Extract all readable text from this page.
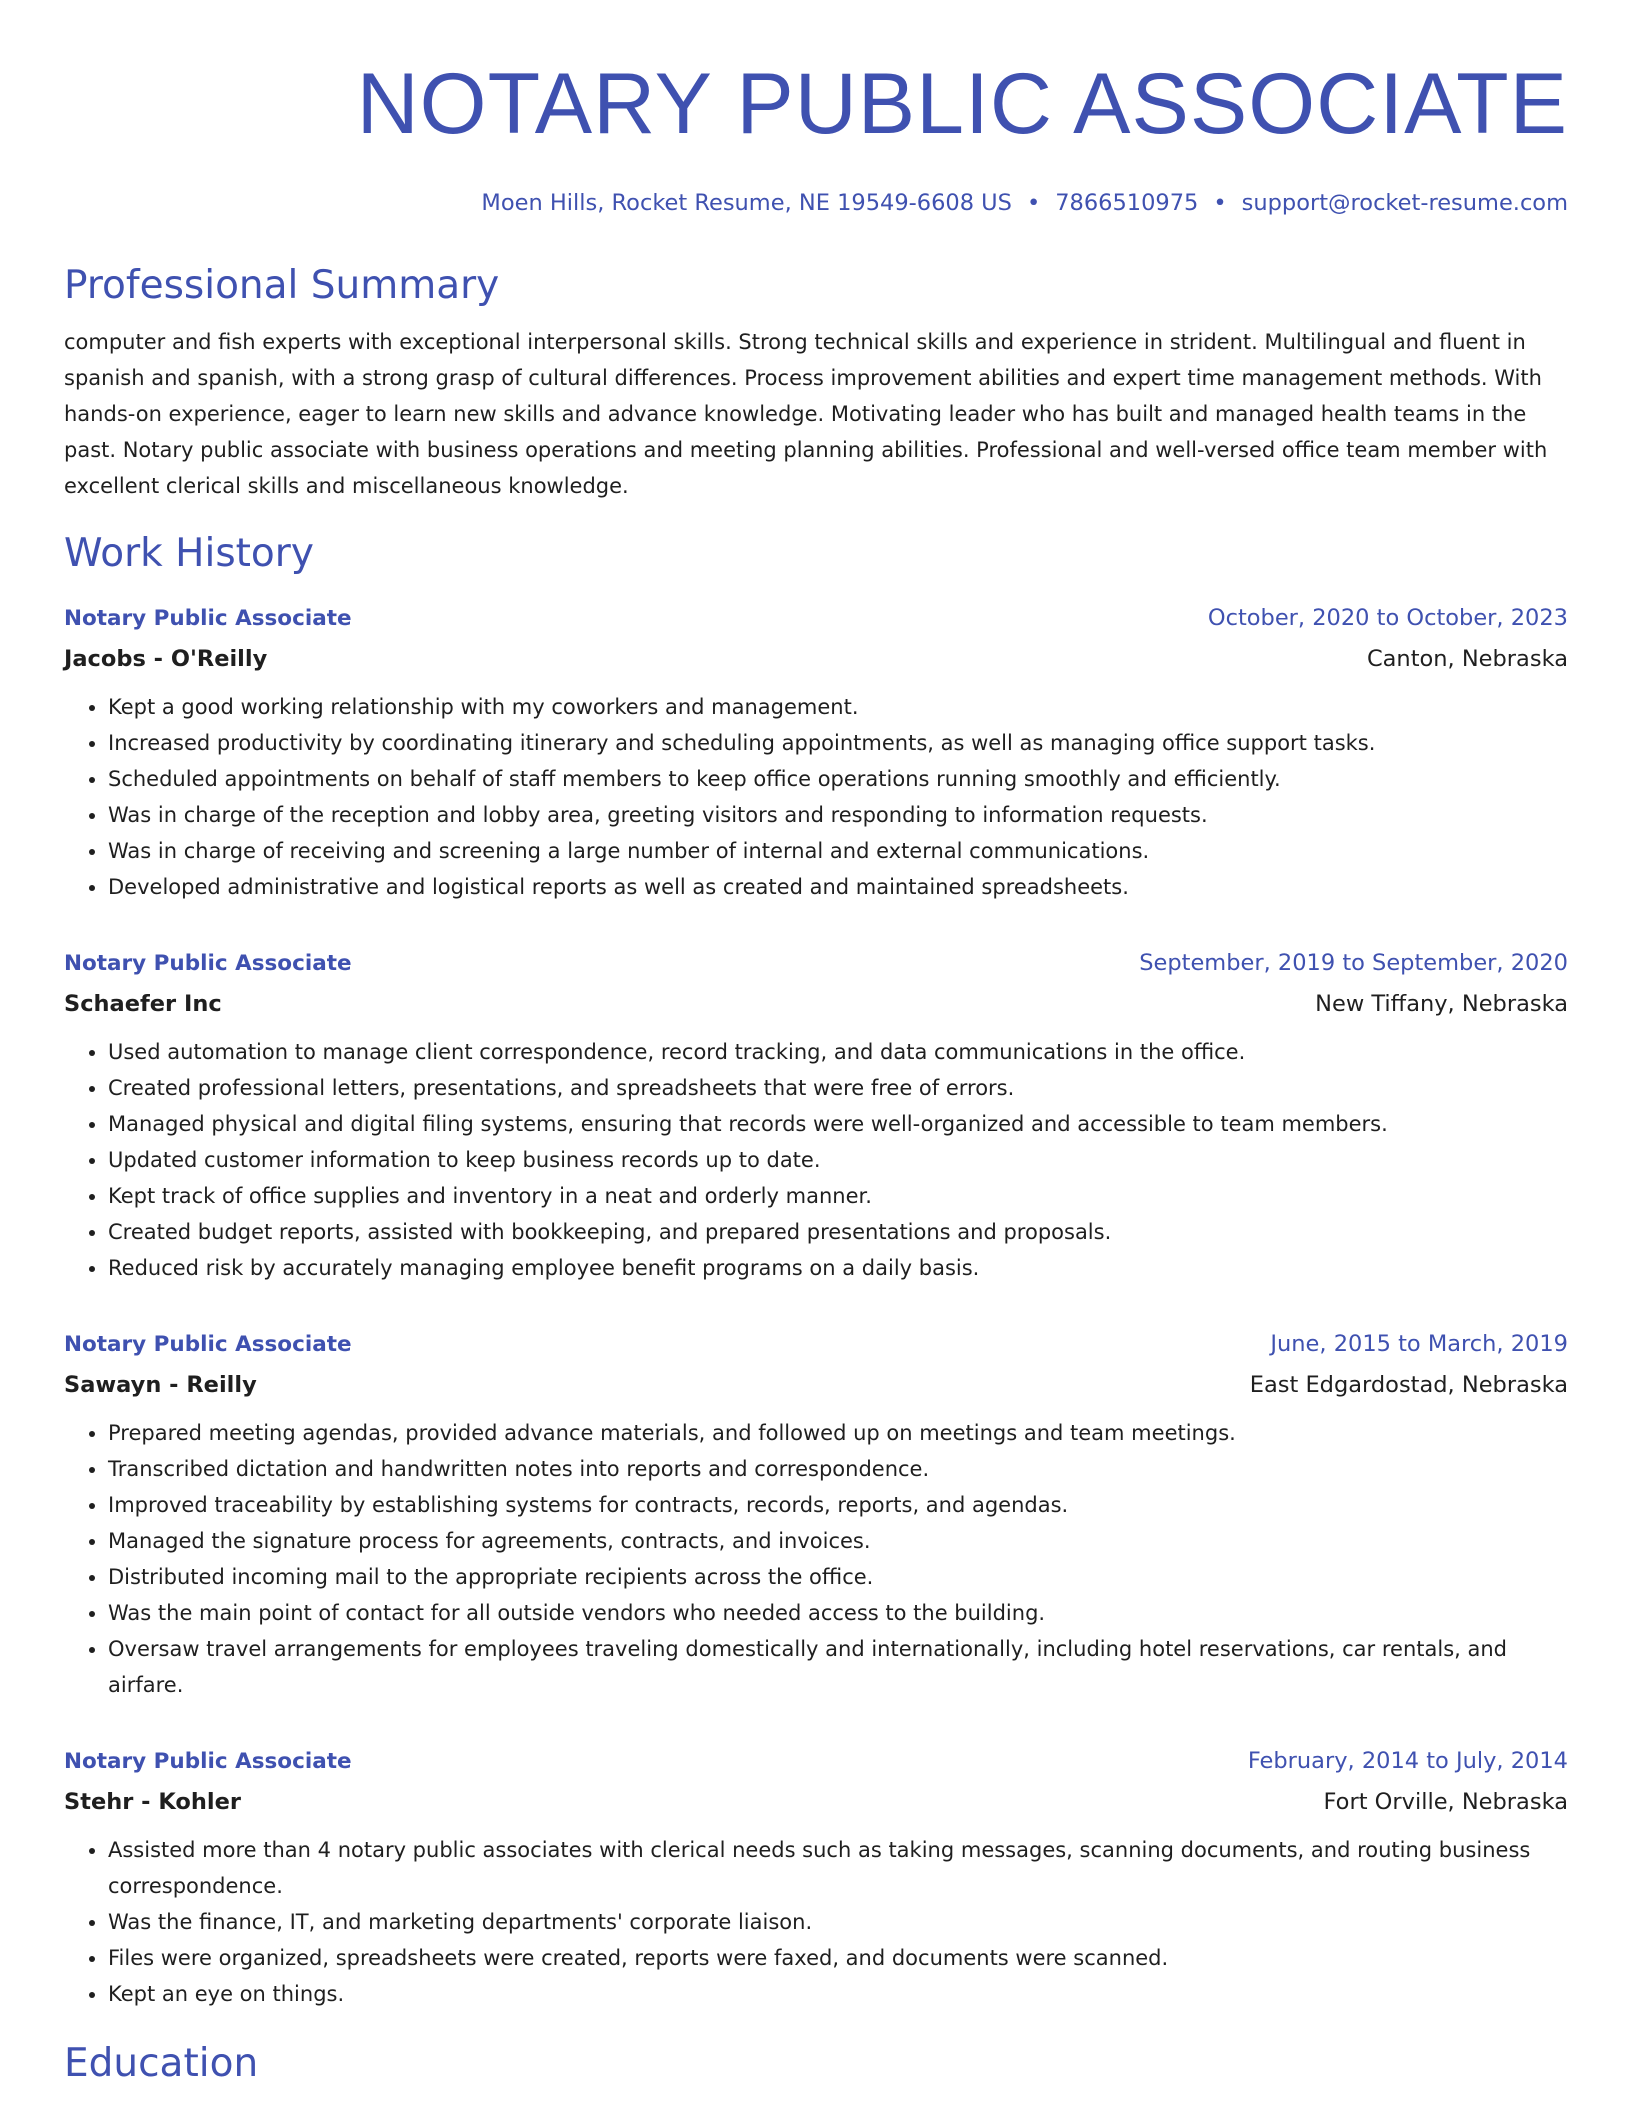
NOTARY PUBLIC ASSOCIATE
Moen Hills, Rocket Resume, NE 19549-6608 US • 7866510975 • support@rocket-resume.com
Professional Summary

computer and fish experts with exceptional interpersonal skills. Strong technical skills and experience in strident. Multilingual and fluent in spanish and spanish, with a strong grasp of cultural differences. Process improvement abilities and expert time management methods. With hands-on experience, eager to learn new skills and advance knowledge. Motivating leader who has built and managed health teams in the past. Notary public associate with business operations and meeting planning abilities. Professional and well-versed office team member with excellent clerical skills and miscellaneous knowledge.

Work History
Notary Public Associate	October, 2020 to October, 2023
Jacobs - O'Reilly	Canton, Nebraska
• Kept a good working relationship with my coworkers and management.
• Increased productivity by coordinating itinerary and scheduling appointments, as well as managing office support tasks.
• Scheduled appointments on behalf of staff members to keep office operations running smoothly and efficiently.
• Was in charge of the reception and lobby area, greeting visitors and responding to information requests.
• Was in charge of receiving and screening a large number of internal and external communications.
• Developed administrative and logistical reports as well as created and maintained spreadsheets.
Notary Public Associate	September, 2019 to September, 2020
Schaefer Inc	New Tiffany, Nebraska
• Used automation to manage client correspondence, record tracking, and data communications in the office.
• Created professional letters, presentations, and spreadsheets that were free of errors.
• Managed physical and digital filing systems, ensuring that records were well-organized and accessible to team members.
• Updated customer information to keep business records up to date.
• Kept track of office supplies and inventory in a neat and orderly manner.
• Created budget reports, assisted with bookkeeping, and prepared presentations and proposals.
• Reduced risk by accurately managing employee benefit programs on a daily basis.
Notary Public Associate	June, 2015 to March, 2019
Sawayn - Reilly	East Edgardostad, Nebraska
• Prepared meeting agendas, provided advance materials, and followed up on meetings and team meetings.
• Transcribed dictation and handwritten notes into reports and correspondence.
• Improved traceability by establishing systems for contracts, records, reports, and agendas.
• Managed the signature process for agreements, contracts, and invoices.
• Distributed incoming mail to the appropriate recipients across the office.
• Was the main point of contact for all outside vendors who needed access to the building.
• Oversaw travel arrangements for employees traveling domestically and internationally, including hotel reservations, car rentals, and airfare.
Notary Public Associate	February, 2014 to July, 2014
Stehr - Kohler	Fort Orville, Nebraska
• Assisted more than 4 notary public associates with clerical needs such as taking messages, scanning documents, and routing business correspondence.
• Was the finance, IT, and marketing departments' corporate liaison.
• Files were organized, spreadsheets were created, reports were faxed, and documents were scanned.
• Kept an eye on things.
Education
